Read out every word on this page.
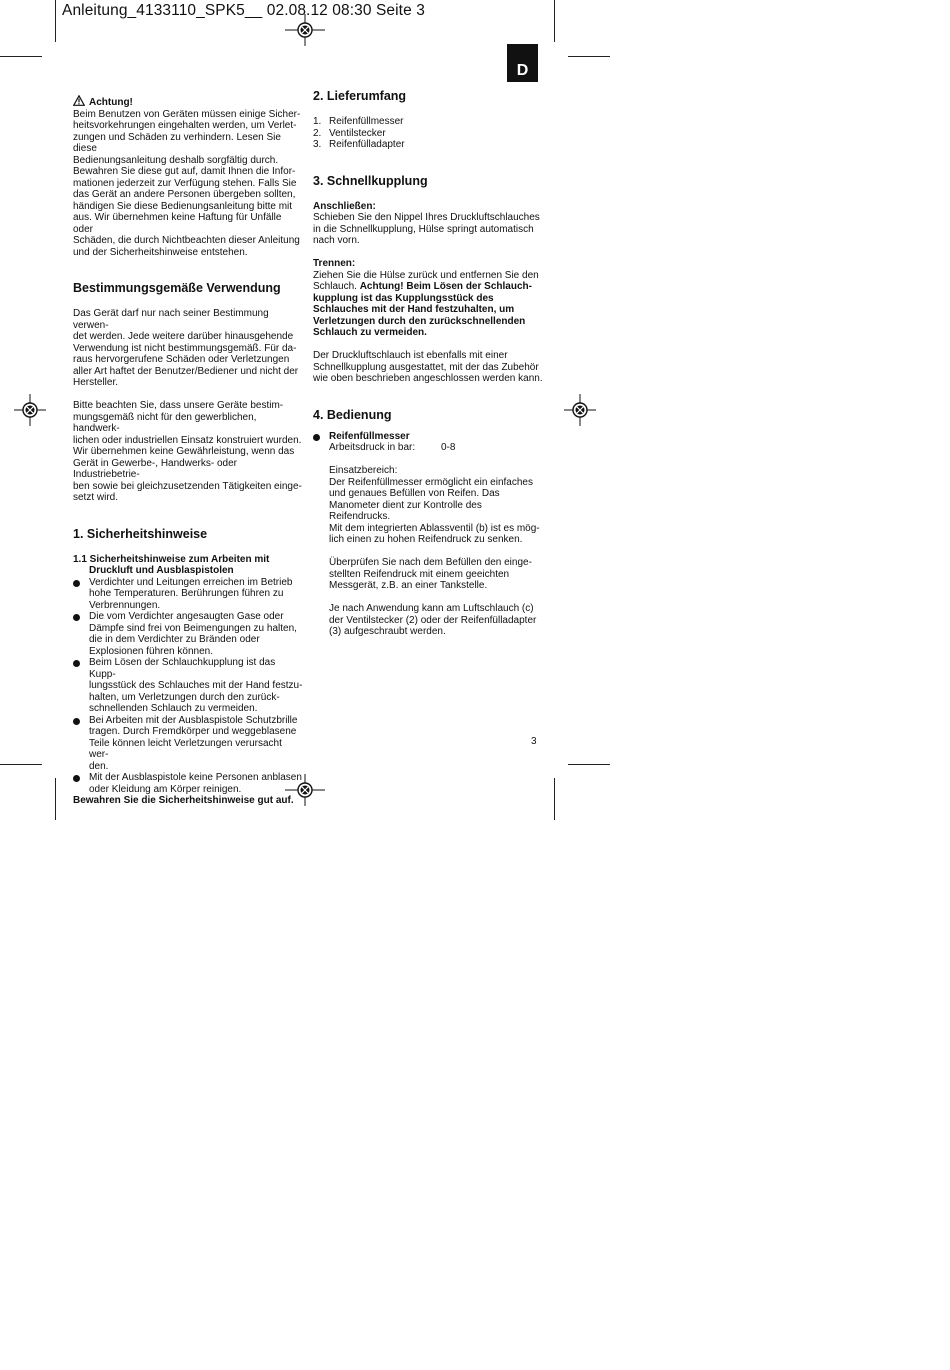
Anleitung_4133110_SPK5__ 02.08.12 08:30 Seite 3
D

Achtung!

Beim Benutzen von Geräten müssen einige Sicher-

heitsvorkehrungen eingehalten werden, um Verlet-

zungen und Schäden zu verhindern. Lesen Sie diese

Bedienungsanleitung deshalb sorgfältig durch.

Bewahren Sie diese gut auf, damit Ihnen die Infor-

mationen jederzeit zur Verfügung stehen. Falls Sie

das Gerät an andere Personen übergeben sollten,

händigen Sie diese Bedienungsanleitung bitte mit

aus. Wir übernehmen keine Haftung für Unfälle oder

Schäden, die durch Nichtbeachten dieser Anleitung

und der Sicherheitshinweise entstehen.

Bestimmungsgemäße Verwendung

Das Gerät darf nur nach seiner Bestimmung verwen-

det werden. Jede weitere darüber hinausgehende

Verwendung ist nicht bestimmungsgemäß. Für da-

raus hervorgerufene Schäden oder Verletzungen

aller Art haftet der Benutzer/Bediener und nicht der

Hersteller.

Bitte beachten Sie, dass unsere Geräte bestim-

mungsgemäß nicht für den gewerblichen, handwerk-

lichen oder industriellen Einsatz konstruiert wurden.

Wir übernehmen keine Gewährleistung, wenn das

Gerät in Gewerbe-, Handwerks- oder Industriebetrie-

ben sowie bei gleichzusetzenden Tätigkeiten einge-

setzt wird.

1. Sicherheitshinweise

1.1 Sicherheitshinweise zum Arbeiten mit

Druckluft und Ausblaspistolen

Verdichter und Leitungen erreichen im Betrieb

hohe Temperaturen. Berührungen führen zu

Verbrennungen.

Die vom Verdichter angesaugten Gase oder

Dämpfe sind frei von Beimengungen zu halten,

die in dem Verdichter zu Bränden oder

Explosionen führen können.

Beim Lösen der Schlauchkupplung ist das Kupp-

lungsstück des Schlauches mit der Hand festzu-

halten, um Verletzungen durch den zurück-

schnellenden Schlauch zu vermeiden.

Bei Arbeiten mit der Ausblaspistole Schutzbrille

tragen. Durch Fremdkörper und weggeblasene

Teile können leicht Verletzungen verursacht wer-

den.

Mit der Ausblaspistole keine Personen anblasen

oder Kleidung am Körper reinigen.

Bewahren Sie die Sicherheitshinweise gut auf.

2. Lieferumfang

1. Reifenfüllmesser
2. Ventilstecker
3. Reifenfülladapter

3. Schnellkupplung

Anschließen:

Schieben Sie den Nippel Ihres Druckluftschlauches

in die Schnellkupplung, Hülse springt automatisch

nach vorn.

Trennen:

Ziehen Sie die Hülse zurück und entfernen Sie den

Schlauch. Achtung! Beim Lösen der Schlauch-

kupplung ist das Kupplungsstück des

Schlauches mit der Hand festzuhalten, um

Verletzungen durch den zurückschnellenden

Schlauch zu vermeiden.

Der Druckluftschlauch ist ebenfalls mit einer

Schnellkupplung ausgestattet, mit der das Zubehör

wie oben beschrieben angeschlossen werden kann.

4. Bedienung

Reifenfüllmesser

Arbeitsdruck in bar:	0-8

Einsatzbereich:

Der Reifenfüllmesser ermöglicht ein einfaches

und genaues Befüllen von Reifen. Das

Manometer dient zur Kontrolle des Reifendrucks.

Mit dem integrierten Ablassventil (b) ist es mög-

lich einen zu hohen Reifendruck zu senken.

Überprüfen Sie nach dem Befüllen den einge-

stellten Reifendruck mit einem geeichten

Messgerät, z.B. an einer Tankstelle.

Je nach Anwendung kann am Luftschlauch (c)

der Ventilstecker (2) oder der Reifenfülladapter

(3) aufgeschraubt werden.

3
